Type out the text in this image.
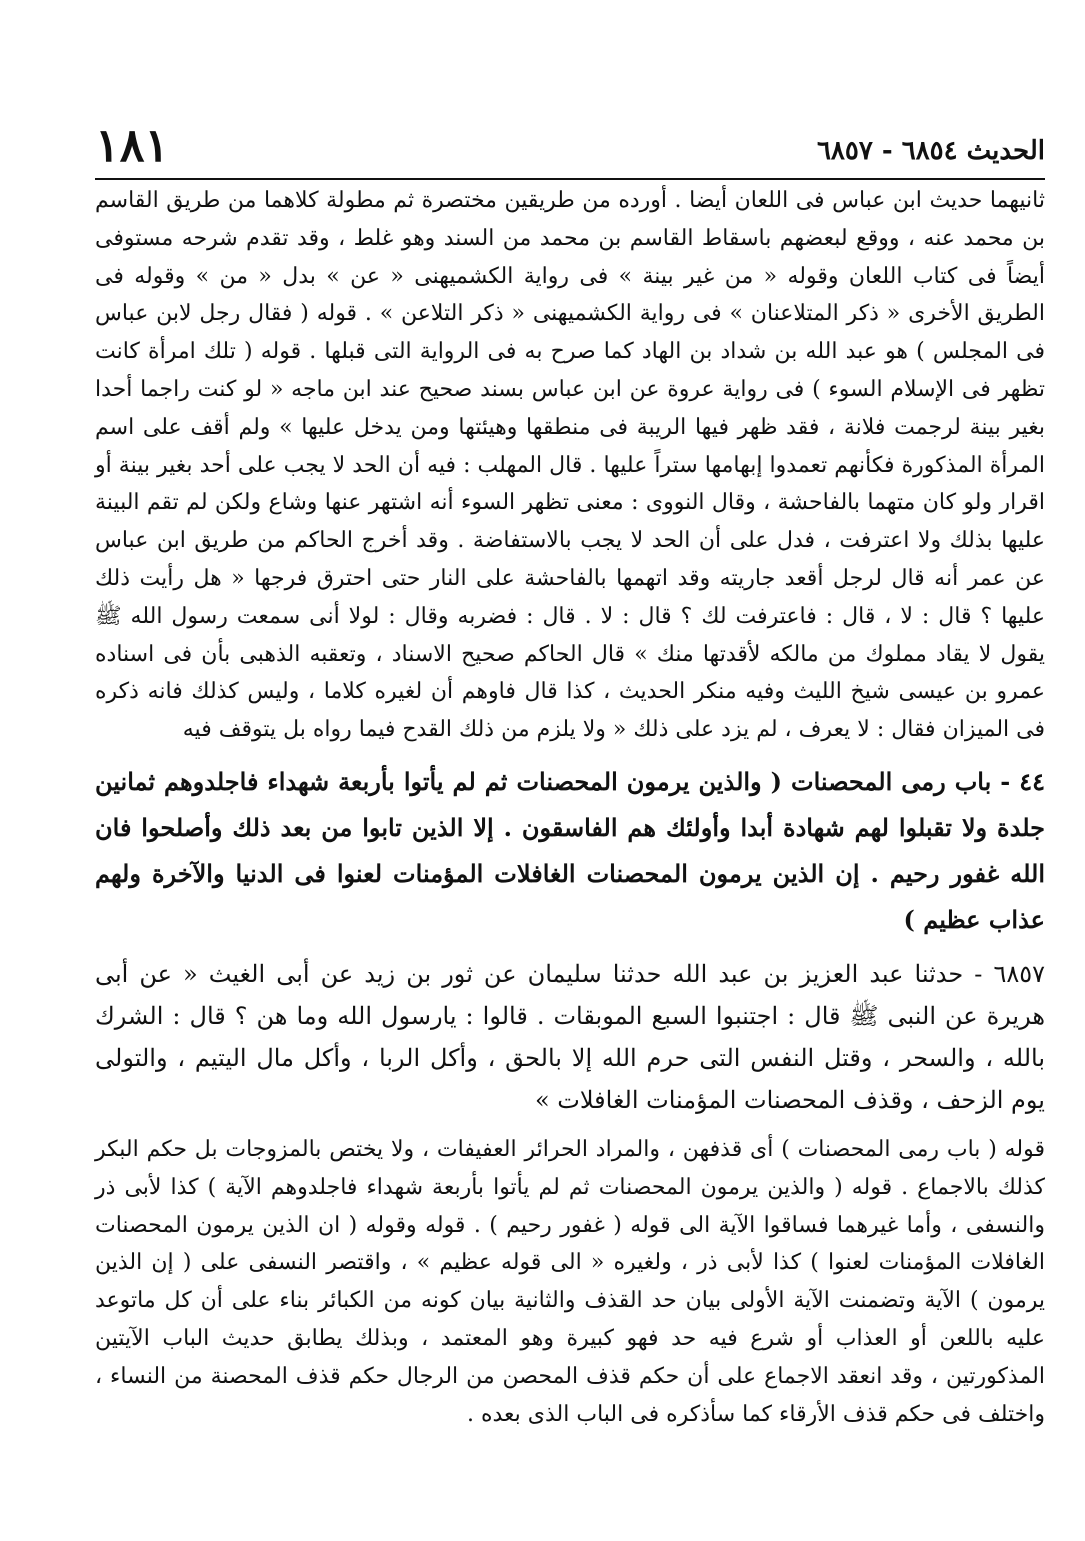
الحديث ٦٨٥٤ - ٦٨٥٧
١٨١

ثانيهما حديث ابن عباس فى اللعان أيضا . أورده من طريقين مختصرة ثم مطولة كلاهما من طريق القاسم بن محمد عنه ، ووقع لبعضهم باسقاط القاسم بن محمد من السند وهو غلط ، وقد تقدم شرحه مستوفى أيضاً فى كتاب اللعان وقوله « من غير بينة » فى رواية الكشميهنى « عن » بدل « من » وقوله فى الطريق الأخرى « ذكر المتلاعنان » فى رواية الكشميهنى « ذكر التلاعن » . قوله ( فقال رجل لابن عباس فى المجلس ) هو عبد الله بن شداد بن الهاد كما صرح به فى الرواية التى قبلها . قوله ( تلك امرأة كانت تظهر فى الإسلام السوء ) فى رواية عروة عن ابن عباس بسند صحيح عند ابن ماجه « لو كنت راجما أحدا بغير بينة لرجمت فلانة ، فقد ظهر فيها الريبة فى منطقها وهيئتها ومن يدخل عليها » ولم أقف على اسم المرأة المذكورة فكأنهم تعمدوا إبهامها ستراً عليها . قال المهلب : فيه أن الحد لا يجب على أحد بغير بينة أو اقرار ولو كان متهما بالفاحشة ، وقال النووى : معنى تظهر السوء أنه اشتهر عنها وشاع ولكن لم تقم البينة عليها بذلك ولا اعترفت ، فدل على أن الحد لا يجب بالاستفاضة . وقد أخرج الحاكم من طريق ابن عباس عن عمر أنه قال لرجل أقعد جاريته وقد اتهمها بالفاحشة على النار حتى احترق فرجها « هل رأيت ذلك عليها ؟ قال : لا ، قال : فاعترفت لك ؟ قال : لا . قال : فضربه وقال : لولا أنى سمعت رسول الله ﷺ يقول لا يقاد مملوك من مالكه لأقدتها منك » قال الحاكم صحيح الاسناد ، وتعقبه الذهبى بأن فى اسناده عمرو بن عيسى شيخ الليث وفيه منكر الحديث ، كذا قال فاوهم أن لغيره كلاما ، وليس كذلك فانه ذكره فى الميزان فقال : لا يعرف ، لم يزد على ذلك « ولا يلزم من ذلك القدح فيما رواه بل يتوقف فيه

٤٤ - باب رمى المحصنات ( والذين يرمون المحصنات ثم لم يأتوا بأربعة شهداء فاجلدوهم ثمانين جلدة ولا تقبلوا لهم شهادة أبدا وأولئك هم الفاسقون . إلا الذين تابوا من بعد ذلك وأصلحوا فان الله غفور رحيم . إن الذين يرمون المحصنات الغافلات المؤمنات لعنوا فى الدنيا والآخرة ولهم عذاب عظيم )

٦٨٥٧ - حدثنا عبد العزيز بن عبد الله حدثنا سليمان عن ثور بن زيد عن أبى الغيث « عن أبى هريرة عن النبى ﷺ قال : اجتنبوا السبع الموبقات . قالوا : يارسول الله وما هن ؟ قال : الشرك بالله ، والسحر ، وقتل النفس التى حرم الله إلا بالحق ، وأكل الربا ، وأكل مال اليتيم ، والتولى يوم الزحف ، وقذف المحصنات المؤمنات الغافلات »

قوله ( باب رمى المحصنات ) أى قذفهن ، والمراد الحرائر العفيفات ، ولا يختص بالمزوجات بل حكم البكر كذلك بالاجماع . قوله ( والذين يرمون المحصنات ثم لم يأتوا بأربعة شهداء فاجلدوهم الآية ) كذا لأبى ذر والنسفى ، وأما غيرهما فساقوا الآية الى قوله ( غفور رحيم ) . قوله وقوله ( ان الذين يرمون المحصنات الغافلات المؤمنات لعنوا ) كذا لأبى ذر ، ولغيره « الى قوله عظيم » ، واقتصر النسفى على ( إن الذين يرمون ) الآية وتضمنت الآية الأولى بيان حد القذف والثانية بيان كونه من الكبائر بناء على أن كل ماتوعد عليه باللعن أو العذاب أو شرع فيه حد فهو كبيرة وهو المعتمد ، وبذلك يطابق حديث الباب الآيتين المذكورتين ، وقد انعقد الاجماع على أن حكم قذف المحصن من الرجال حكم قذف المحصنة من النساء ، واختلف فى حكم قذف الأرقاء كما سأذكره فى الباب الذى بعده .
